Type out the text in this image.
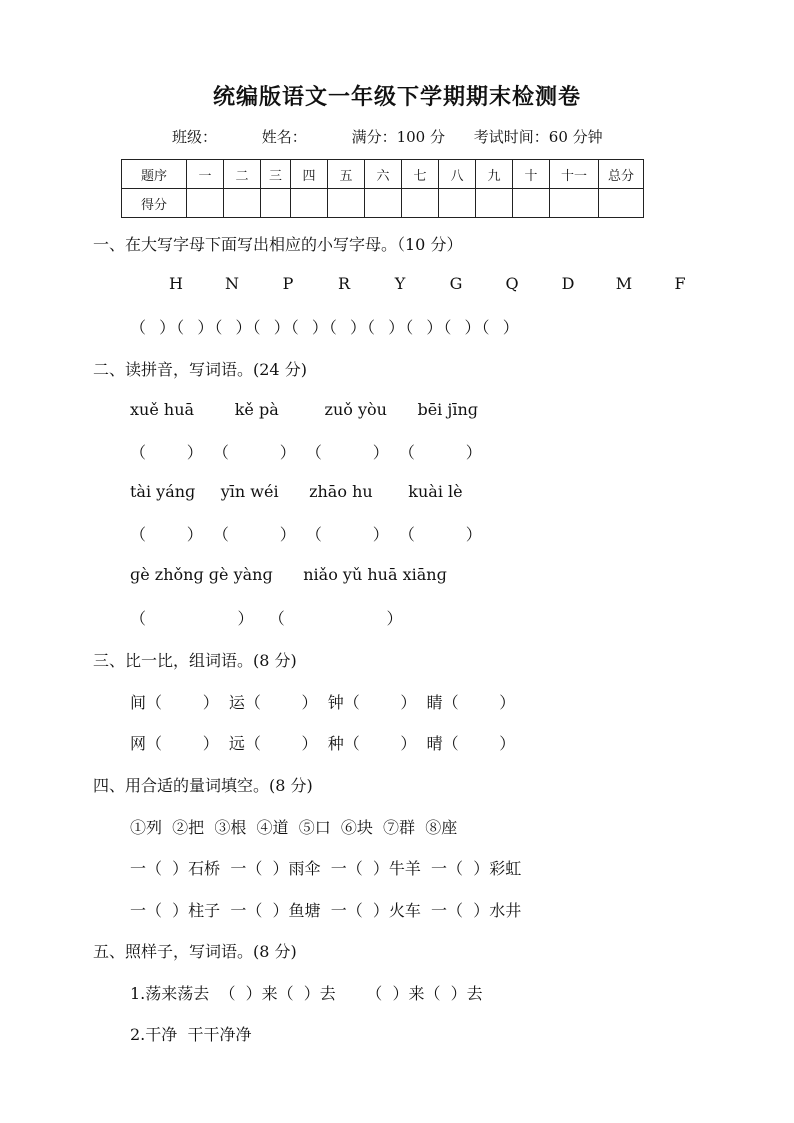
统编版语文一年级下学期期末检测卷
班级：	姓名：	满分：100 分 考试时间：60 分钟
题序	一	二	三	四	五	六	七	八	九	十	十一	总分
得分												
一、在大写字母下面写出相应的小写字母。（10 分）
H	N	P	R	Y	G	Q	D	M	F
（  ）（  ）（  ）（  ）（  ）（  ）（  ）（  ）（  ）（  ）
二、读拼音，写词语。(24 分)
xuě huā        kě pà         zuǒ yòu      bēi jīnɡ
（        ）  （          ）  （          ）  （          ）
tài yánɡ     yīn wéi      zhāo hu       kuài lè
（        ）  （          ）  （          ）  （          ）
ɡè zhǒnɡ ɡè yànɡ      niǎo yǔ huā xiānɡ
（                  ）   （                    ）
三、比一比，组词语。(8 分)
间（        ）  运（        ）  钟（        ）  睛（        ）
网（        ）  远（        ）  种（        ）  晴（        ）
四、用合适的量词填空。(8 分)
①列  ②把  ③根  ④道  ⑤口  ⑥块  ⑦群  ⑧座
一（  ）石桥  一（  ）雨伞  一（  ）牛羊  一（  ）彩虹
一（  ）柱子  一（  ）鱼塘  一（  ）火车  一（  ）水井
五、照样子，写词语。(8 分)
1.荡来荡去  （  ）来（  ）去      （  ）来（  ）去
2.干净  干干净净
